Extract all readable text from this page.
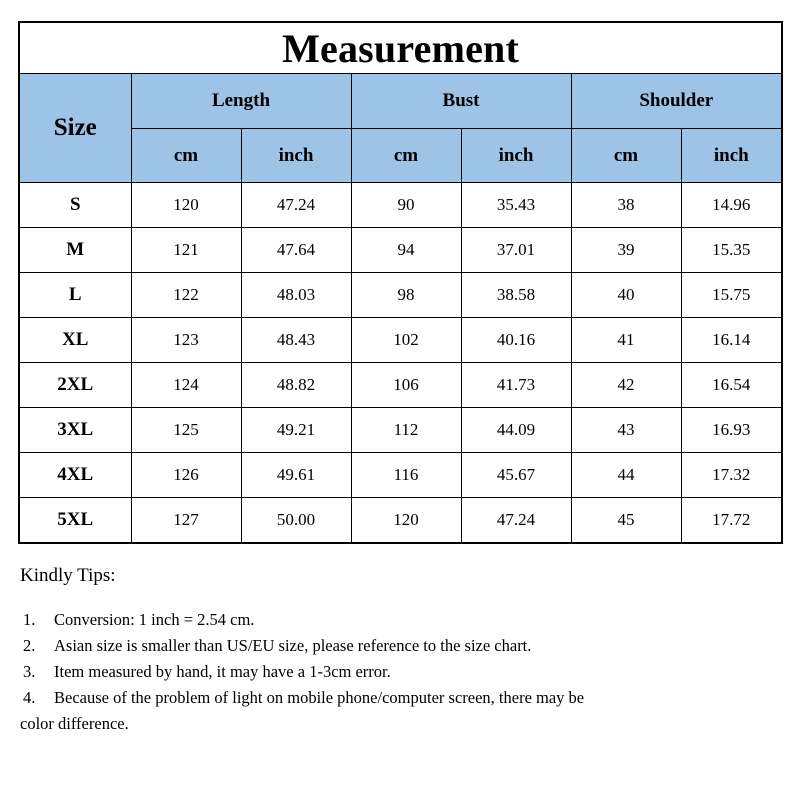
Measurement						
Size	Length		Bust		Shoulder	
	cm	inch	cm	inch	cm	inch
S	120	47.24	90	35.43	38	14.96
M	121	47.64	94	37.01	39	15.35
L	122	48.03	98	38.58	40	15.75
XL	123	48.43	102	40.16	41	16.14
2XL	124	48.82	106	41.73	42	16.54
3XL	125	49.21	112	44.09	43	16.93
4XL	126	49.61	116	45.67	44	17.32
5XL	127	50.00	120	47.24	45	17.72
Kindly Tips:
1. Conversion: 1 inch = 2.54 cm.
2. Asian size is smaller than US/EU size, please reference to the size chart.
3. Item measured by hand, it may have a 1-3cm error.
4. Because of the problem of light on mobile phone/computer screen, there may be
color difference.
